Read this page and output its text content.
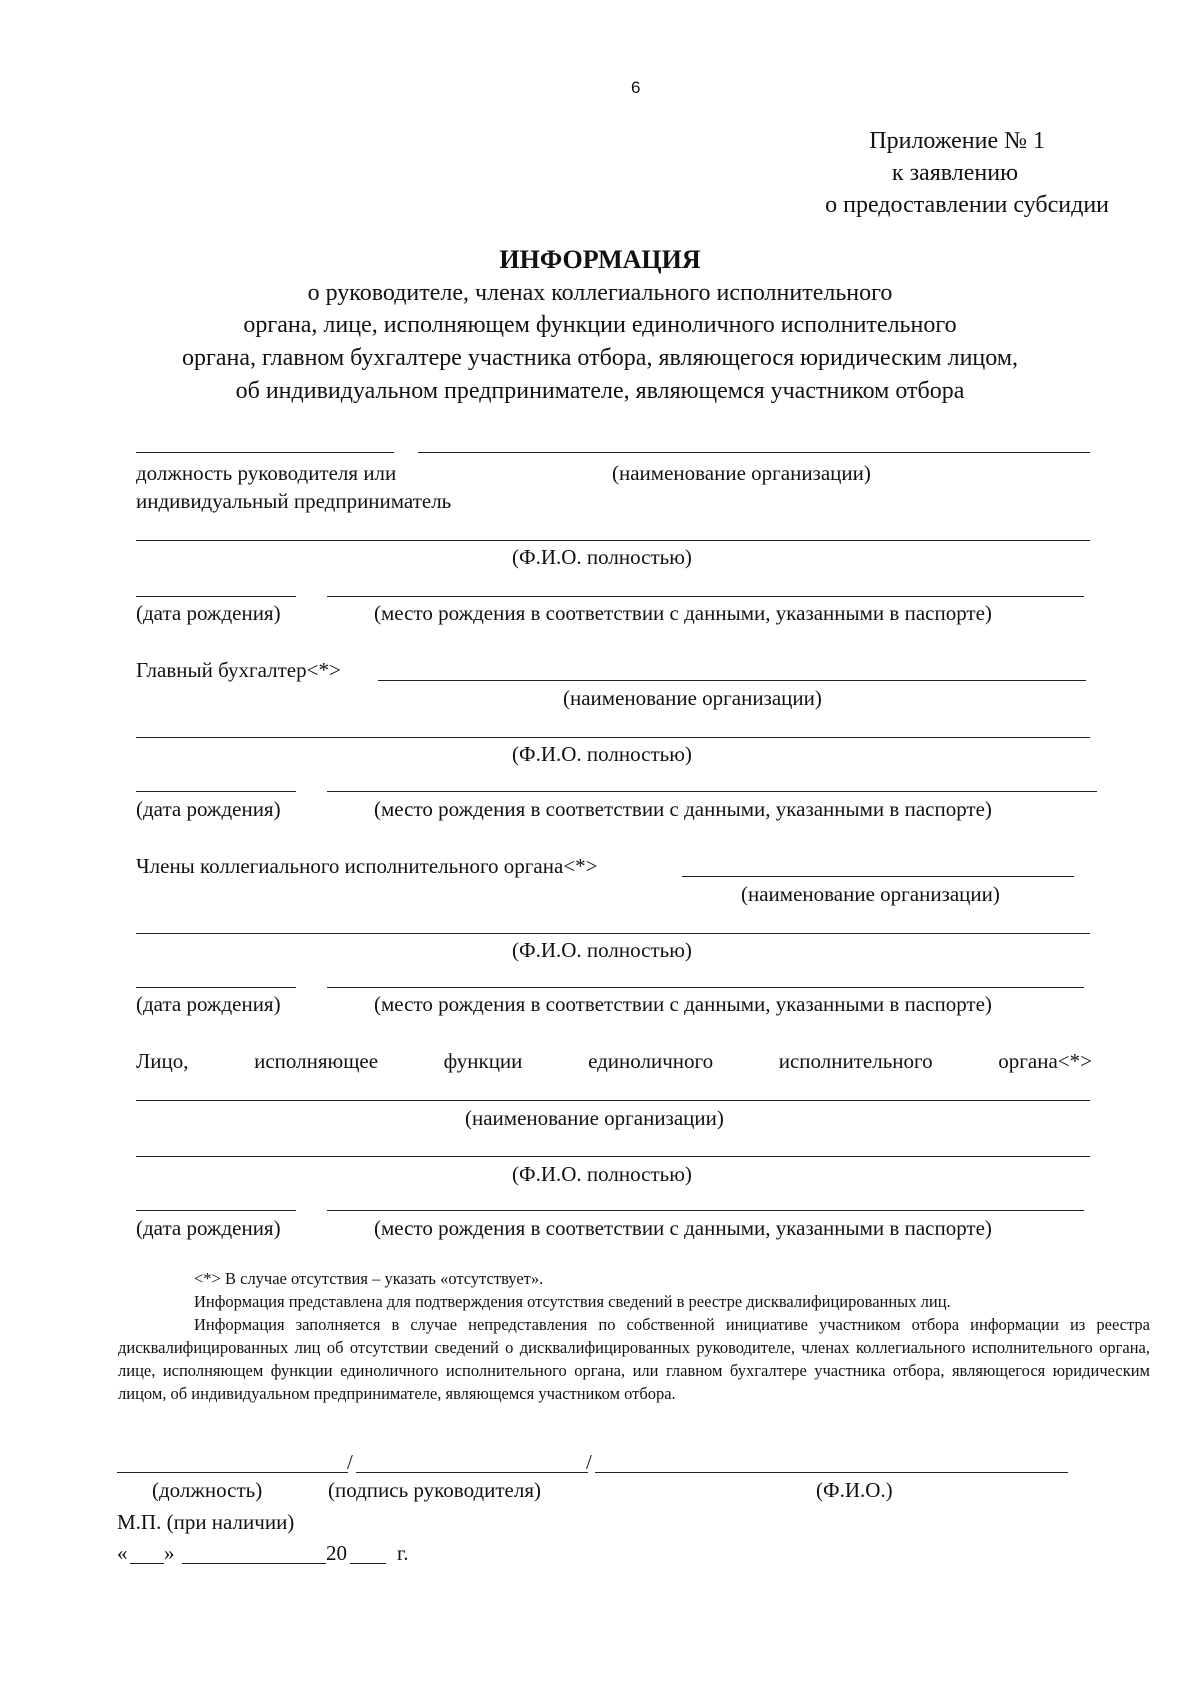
6
Приложение № 1
к заявлению
о предоставлении субсидии
ИНФОРМАЦИЯ
о руководителе, членах коллегиального исполнительного
органа, лице, исполняющем функции единоличного исполнительного
органа, главном бухгалтере участника отбора, являющегося юридическим лицом,
об индивидуальном предпринимателе, являющемся участником отбора
должность руководителя или
индивидуальный предприниматель
(наименование организации)
(Ф.И.О. полностью)
(дата рождения)	(место рождения в соответствии с данными, указанными в паспорте)
Главный бухгалтер<*>
(наименование организации)
(Ф.И.О. полностью)
(дата рождения)	(место рождения в соответствии с данными, указанными в паспорте)
Члены коллегиального исполнительного органа<*>
(наименование организации)
(Ф.И.О. полностью)
(дата рождения)	(место рождения в соответствии с данными, указанными в паспорте)
Лицо,	исполняющее	функции	единоличного	исполнительного	органа<*>
(наименование организации)
(Ф.И.О. полностью)
(дата рождения)	(место рождения в соответствии с данными, указанными в паспорте)

<*> В случае отсутствия – указать «отсутствует».

Информация представлена для подтверждения отсутствия сведений в реестре дисквалифицированных лиц.

Информация заполняется в случае непредставления по собственной инициативе участником отбора информации из реестра дисквалифицированных лиц об отсутствии сведений о дисквалифицированных руководителе, членах коллегиального исполнительного органа, лице, исполняющем функции единоличного исполнительного органа, или главном бухгалтере участника отбора, являющегося юридическим лицом, об индивидуальном предпринимателе, являющемся участником отбора.

/	/
(должность)	(подпись руководителя)	(Ф.И.О.)
М.П. (при наличии)
« »	20 г.
